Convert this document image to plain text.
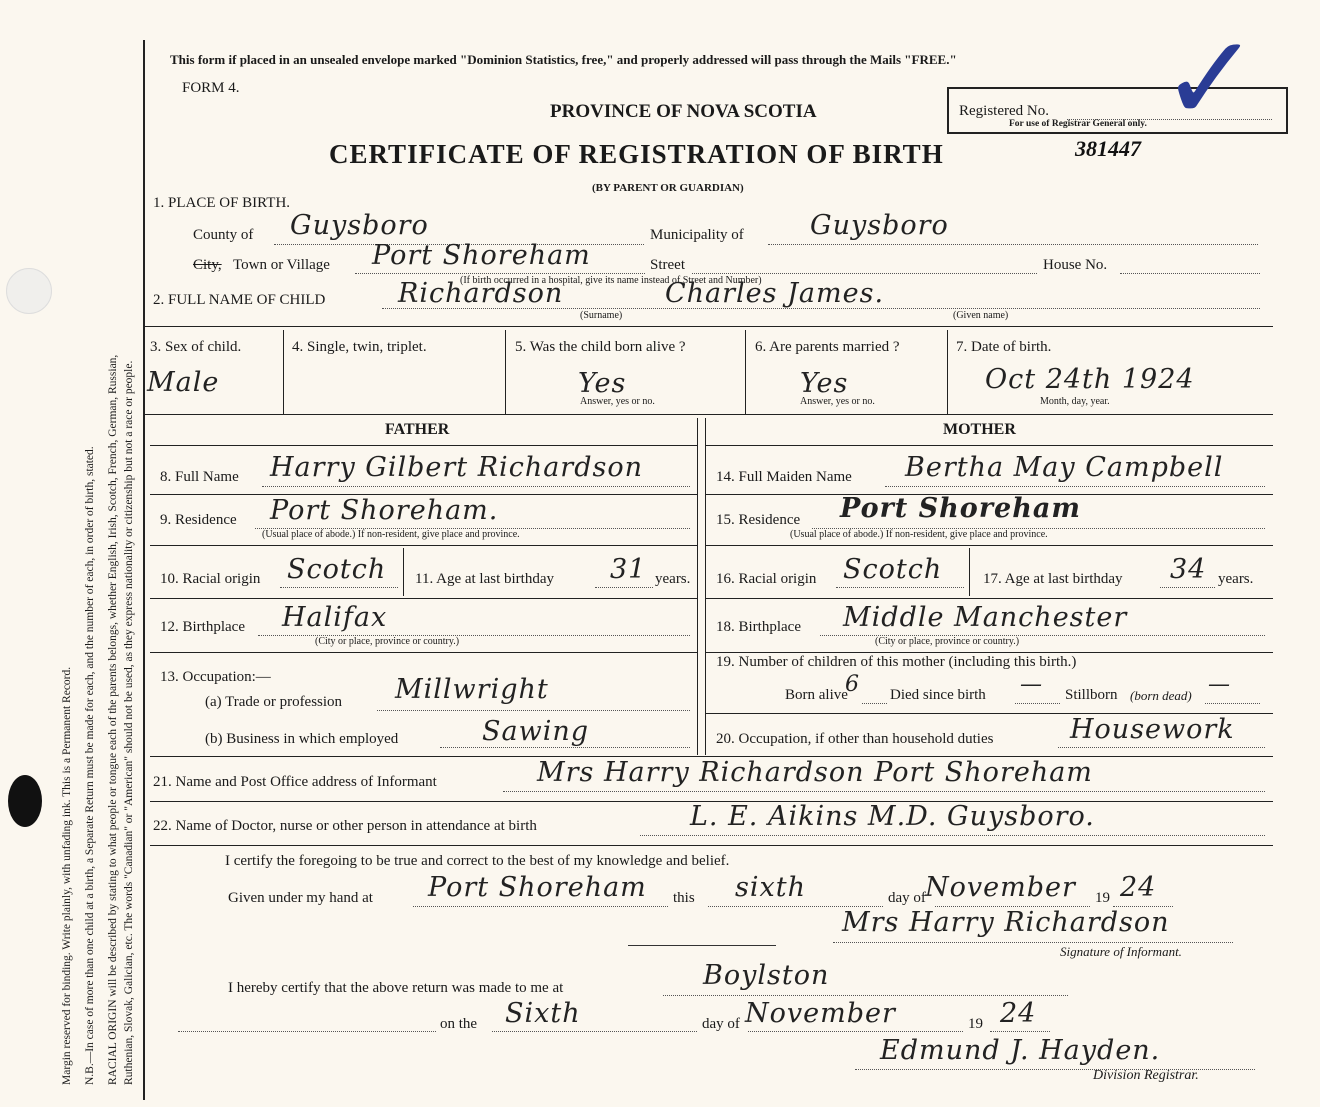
Margin reserved for binding. Write plainly, with unfading ink. This is a Permanent Record. N.B.—In case of more than one child at a birth, a Separate Return must be made for each, and the number of each, in order of birth, stated. RACIAL ORIGIN will be described by stating to what people or tongue each of the parents belongs, whether English, Irish, Scotch, French, German, Russian, Ruthenian, Slovak, Galician, etc. The words "Canadian" or "American" should not be used, as they express nationality or citizenship but not a race or people.
This form if placed in an unsealed envelope marked "Dominion Statistics, free," and properly addressed will pass through the Mails "FREE."
FORM 4.
PROVINCE OF NOVA SCOTIA
CERTIFICATE OF REGISTRATION OF BIRTH
(BY PARENT OR GUARDIAN)
Registered No.
For use of Registrar General only.
381447
✓
1. PLACE OF BIRTH.
County of Guysboro	Municipality of Guysboro
City, Town or Village Port Shoreham	Street	House No.
(If birth occurred in a hospital, give its name instead of Street and Number)
2. FULL NAME OF CHILD	Richardson	Charles James.
(Surname)	(Given name)
3. Sex of child.
Male
4. Single, twin, triplet.	5. Was the child born alive ?
Yes
Answer, yes or no.
6. Are parents married ?
Yes
Answer, yes or no.
7. Date of birth.
Oct 24th 1924
Month, day, year.
FATHER	MOTHER
8. Full Name Harry Gilbert Richardson	14. Full Maiden Name Bertha May Campbell
9. Residence Port Shoreham.
(Usual place of abode.) If non-resident, give place and province.
15. Residence Port Shoreham
(Usual place of abode.) If non-resident, give place and province.
10. Racial origin Scotch 11. Age at last birthday 31 years. 16. Racial origin Scotch	17. Age at last birthday 34 years.
12. Birthplace Halifax
(City or place, province or country.)
18. Birthplace Middle Manchester
(City or place, province or country.)
13. Occupation:—
(a) Trade or profession Millwright
(b) Business in which employed	Sawing
19. Number of children of this mother (including this birth.)
Born alive
6 Died since birth — Stillborn (born dead) —
20. Occupation, if other than household duties	Housework
21. Name and Post Office address of Informant	Mrs Harry Richardson Port Shoreham
22. Name of Doctor, nurse or other person in attendance at birth	L. E. Aikins M.D. Guysboro.
I certify the foregoing to be true and correct to the best of my knowledge and belief.
Given under my hand at Port Shoreham this sixth	day of November 19 24
Mrs Harry Richardson
Signature of Informant.
I hereby certify that the above return was made to me at	Boylston
on the Sixth	day of November	19 24
Edmund J. Hayden.
Division Registrar.
